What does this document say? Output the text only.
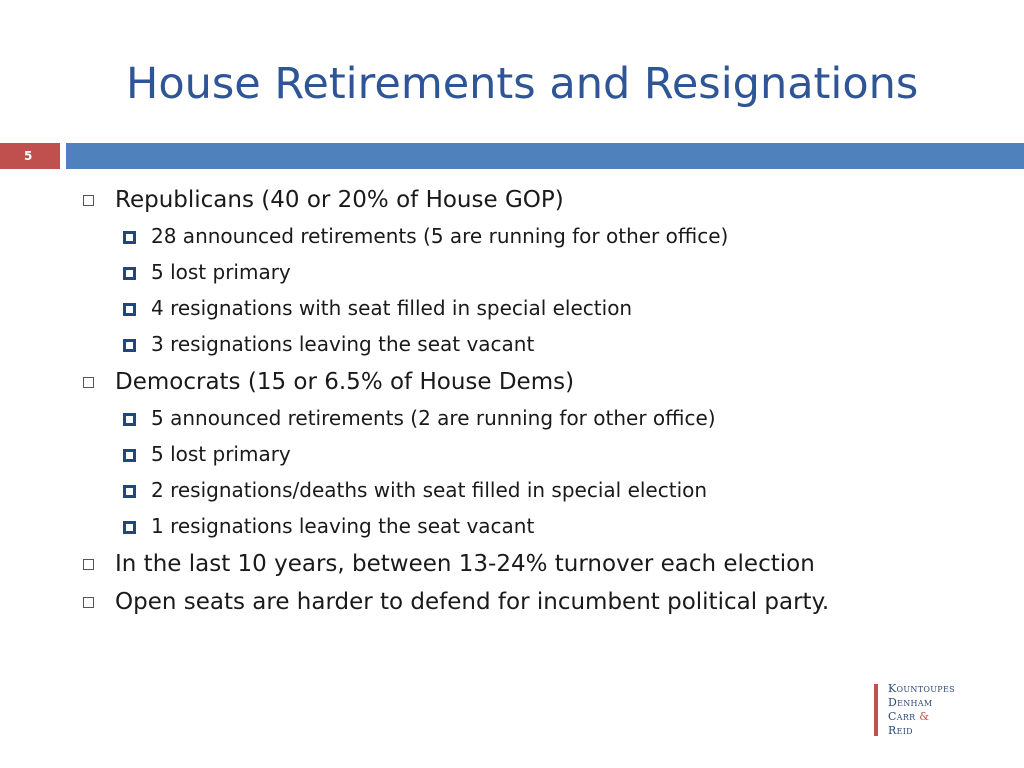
House Retirements and Resignations
5
Republicans (40 or 20% of House GOP)
28 announced retirements (5 are running for other office)
5 lost primary
4 resignations with seat filled in special election
3 resignations leaving the seat vacant
Democrats (15 or 6.5% of House Dems)
5 announced retirements (2 are running for other office)
5 lost primary
2 resignations/deaths with seat filled in special election
1 resignations leaving the seat vacant
In the last 10 years, between 13-24% turnover each election
Open seats are harder to defend for incumbent political party.
Kountoupes
Denham
Carr &
Reid
